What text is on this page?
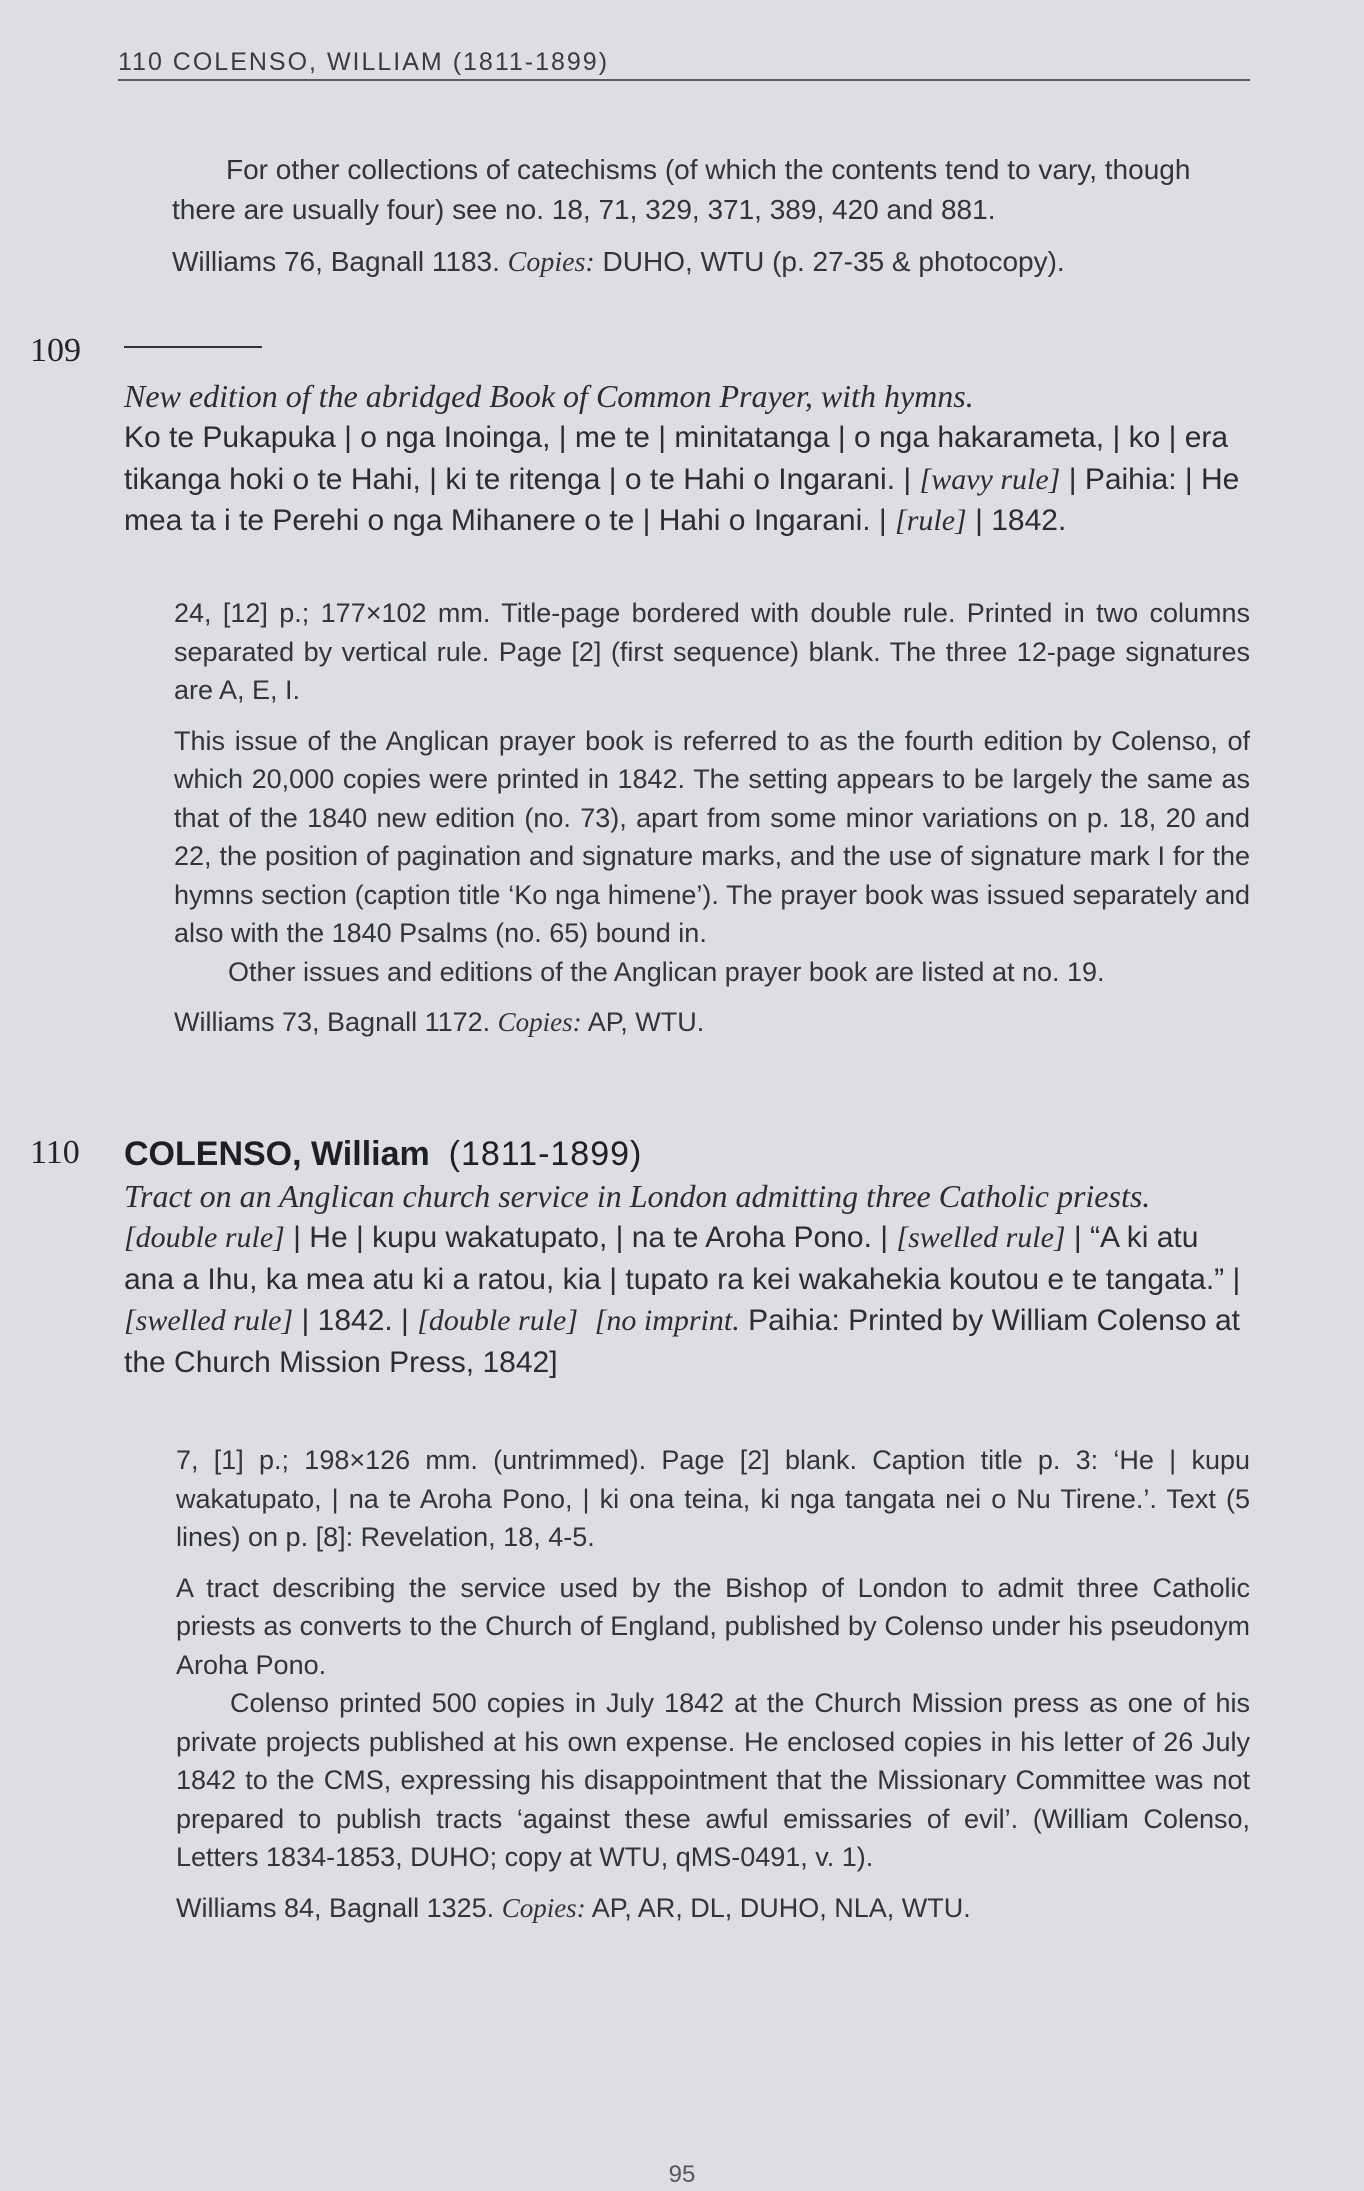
110 COLENSO, WILLIAM (1811-1899)

For other collections of catechisms (of which the contents tend to vary, though there are usually four) see no. 18, 71, 329, 371, 389, 420 and 881.

Williams 76, Bagnall 1183. Copies: DUHO, WTU (p. 27-35 & photocopy).

109

New edition of the abridged Book of Common Prayer, with hymns.

Ko te Pukapuka | o nga Inoinga, | me te | minitatanga | o nga hakarameta, | ko | era tikanga hoki o te Hahi, | ki te ritenga | o te Hahi o Ingarani. | [wavy rule] | Paihia: | He mea ta i te Perehi o nga Mihanere o te | Hahi o Ingarani. | [rule] | 1842.

24, [12] p.; 177×102 mm. Title-page bordered with double rule. Printed in two columns separated by vertical rule. Page [2] (first sequence) blank. The three 12-page signatures are A, E, I.

This issue of the Anglican prayer book is referred to as the fourth edition by Colenso, of which 20,000 copies were printed in 1842. The setting appears to be largely the same as that of the 1840 new edition (no. 73), apart from some minor variations on p. 18, 20 and 22, the position of pagination and signature marks, and the use of signature mark I for the hymns section (caption title ‘Ko nga himene’). The prayer book was issued separately and also with the 1840 Psalms (no. 65) bound in.

Other issues and editions of the Anglican prayer book are listed at no. 19.

Williams 73, Bagnall 1172. Copies: AP, WTU.

110 COLENSO, William (1811-1899)

Tract on an Anglican church service in London admitting three Catholic priests.

[double rule] | He | kupu wakatupato, | na te Aroha Pono. | [swelled rule] | “A ki atu ana a Ihu, ka mea atu ki a ratou, kia | tupato ra kei wakahekia koutou e te tangata.” | [swelled rule] | 1842. | [double rule] [no imprint. Paihia: Printed by William Colenso at the Church Mission Press, 1842]

7, [1] p.; 198×126 mm. (untrimmed). Page [2] blank. Caption title p. 3: ‘He | kupu wakatupato, | na te Aroha Pono, | ki ona teina, ki nga tangata nei o Nu Tirene.’. Text (5 lines) on p. [8]: Revelation, 18, 4-5.

A tract describing the service used by the Bishop of London to admit three Catholic priests as converts to the Church of England, published by Colenso under his pseudonym Aroha Pono.

Colenso printed 500 copies in July 1842 at the Church Mission press as one of his private projects published at his own expense. He enclosed copies in his letter of 26 July 1842 to the CMS, expressing his disappointment that the Missionary Committee was not prepared to publish tracts ‘against these awful emissaries of evil’. (William Colenso, Letters 1834-1853, DUHO; copy at WTU, qMS-0491, v. 1).

Williams 84, Bagnall 1325. Copies: AP, AR, DL, DUHO, NLA, WTU.

95
